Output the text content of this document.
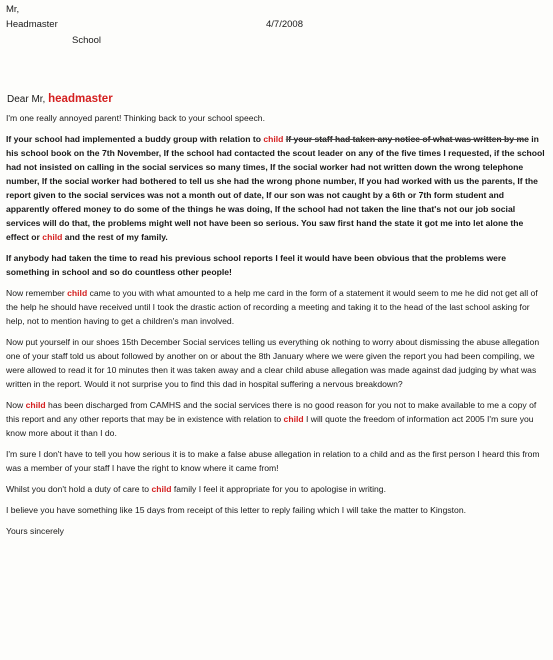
Mr,
Headmaster
School
4/7/2008
Dear Mr, headmaster

I'm one really annoyed parent! Thinking back to your school speech.

If your school had implemented a buddy group with relation to child If your staff had taken any notice of what was written by me in his school book on the 7th November, If the school had contacted the scout leader on any of the five times I requested, if the school had not insisted on calling in the social services so many times, If the social worker had not written down the wrong telephone number, If the social worker had bothered to tell us she had the wrong phone number, If you had worked with us the parents, If the report given to the social services was not a month out of date, If our son was not caught by a 6th or 7th form student and apparently offered money to do some of the things he was doing, If the school had not taken the line that's not our job social services will do that, the problems might well not have been so serious. You saw first hand the state it got me into let alone the effect or child and the rest of my family.

If anybody had taken the time to read his previous school reports I feel it would have been obvious that the problems were something in school and so do countless other people!

Now remember child came to you with what amounted to a help me card in the form of a statement it would seem to me he did not get all of the help he should have received until I took the drastic action of recording a meeting and taking it to the head of the last school asking for help, not to mention having to get a children's man involved.

Now put yourself in our shoes 15th December Social services telling us everything ok nothing to worry about dismissing the abuse allegation one of your staff told us about followed by another on or about the 8th January where we were given the report you had been compiling, we were allowed to read it for 10 minutes then it was taken away and a clear child abuse allegation was made against dad judging by what was written in the report. Would it not surprise you to find this dad in hospital suffering a nervous breakdown?

Now child has been discharged from CAMHS and the social services there is no good reason for you not to make available to me a copy of this report and any other reports that may be in existence with relation to child I will quote the freedom of information act 2005 I'm sure you know more about it than I do.

I'm sure I don't have to tell you how serious it is to make a false abuse allegation in relation to a child and as the first person I heard this from was a member of your staff I have the right to know where it came from!

Whilst you don't hold a duty of care to child family I feel it appropriate for you to apologise in writing.

I believe you have something like 15 days from receipt of this letter to reply failing which I will take the matter to Kingston.

Yours sincerely
